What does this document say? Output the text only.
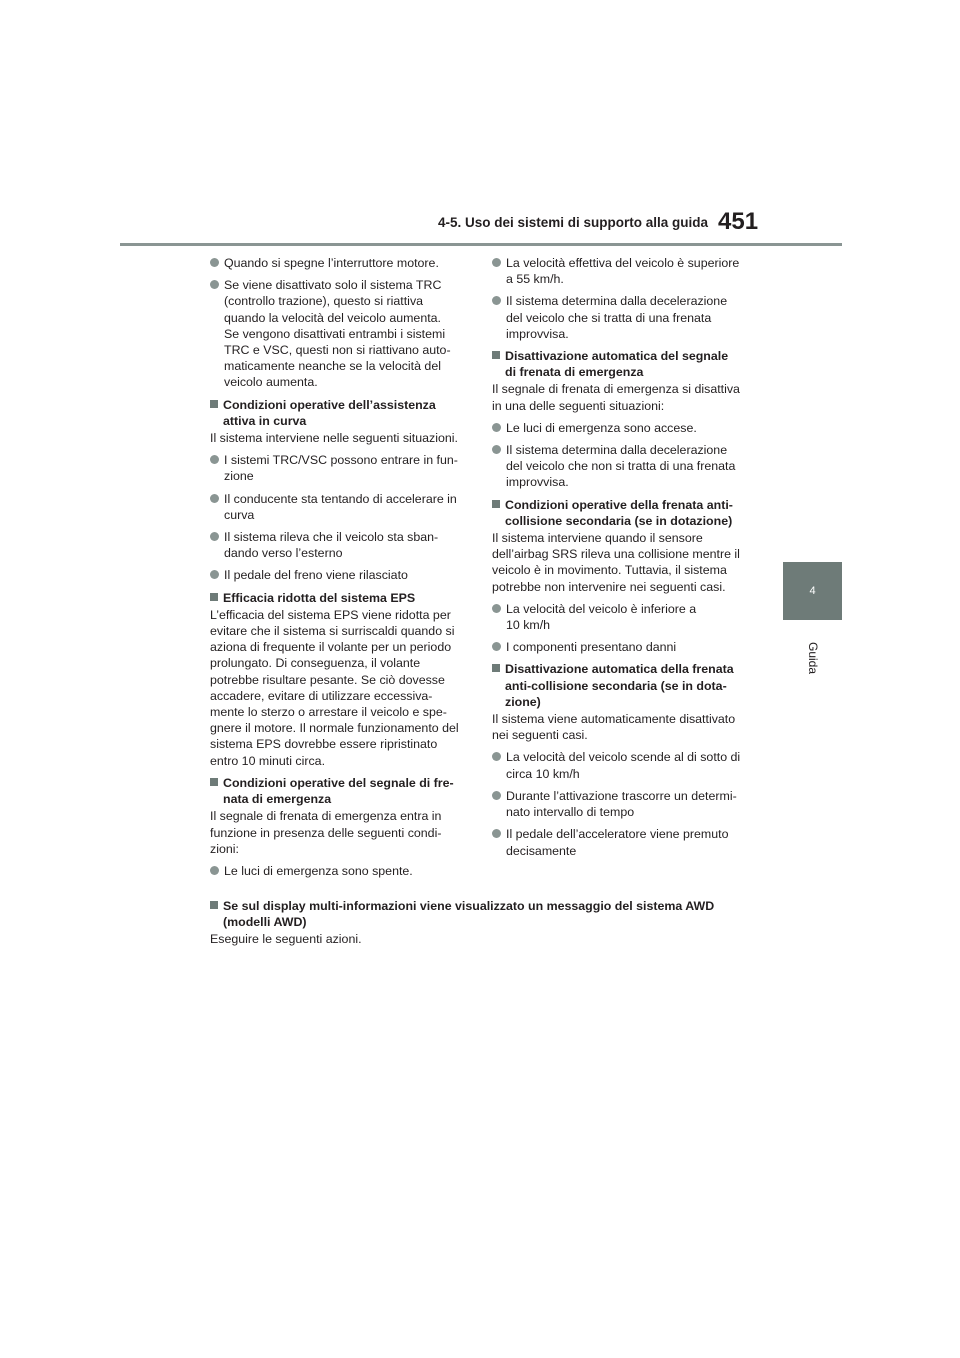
4-5. Uso dei sistemi di supporto alla guida 451
4
Guida
Quando si spegne l’interruttore motore.
Se viene disattivato solo il sistema TRC
(controllo trazione), questo si riattiva
quando la velocità del veicolo aumenta.
Se vengono disattivati entrambi i sistemi
TRC e VSC, questi non si riattivano auto-
maticamente neanche se la velocità del
veicolo aumenta.
Condizioni operative dell’assistenza
attiva in curva
Il sistema interviene nelle seguenti situazioni.
I sistemi TRC/VSC possono entrare in fun-
zione
Il conducente sta tentando di accelerare in
curva
Il sistema rileva che il veicolo sta sban-
dando verso l’esterno
Il pedale del freno viene rilasciato
Efficacia ridotta del sistema EPS
L’efficacia del sistema EPS viene ridotta per
evitare che il sistema si surriscaldi quando si
aziona di frequente il volante per un periodo
prolungato. Di conseguenza, il volante
potrebbe risultare pesante. Se ciò dovesse
accadere, evitare di utilizzare eccessiva-
mente lo sterzo o arrestare il veicolo e spe-
gnere il motore. Il normale funzionamento del
sistema EPS dovrebbe essere ripristinato
entro 10 minuti circa.
Condizioni operative del segnale di fre-
nata di emergenza
Il segnale di frenata di emergenza entra in
funzione in presenza delle seguenti condi-
zioni:
Le luci di emergenza sono spente.
La velocità effettiva del veicolo è superiore
a 55 km/h.
Il sistema determina dalla decelerazione
del veicolo che si tratta di una frenata
improvvisa.
Disattivazione automatica del segnale
di frenata di emergenza
Il segnale di frenata di emergenza si disattiva
in una delle seguenti situazioni:
Le luci di emergenza sono accese.
Il sistema determina dalla decelerazione
del veicolo che non si tratta di una frenata
improvvisa.
Condizioni operative della frenata anti-
collisione secondaria (se in dotazione)
Il sistema interviene quando il sensore
dell’airbag SRS rileva una collisione mentre il
veicolo è in movimento. Tuttavia, il sistema
potrebbe non intervenire nei seguenti casi.
La velocità del veicolo è inferiore a
10 km/h
I componenti presentano danni
Disattivazione automatica della frenata
anti-collisione secondaria (se in dota-
zione)
Il sistema viene automaticamente disattivato
nei seguenti casi.
La velocità del veicolo scende al di sotto di
circa 10 km/h
Durante l’attivazione trascorre un determi-
nato intervallo di tempo
Il pedale dell’acceleratore viene premuto
decisamente
Se sul display multi-informazioni viene visualizzato un messaggio del sistema AWD
(modelli AWD)
Eseguire le seguenti azioni.
